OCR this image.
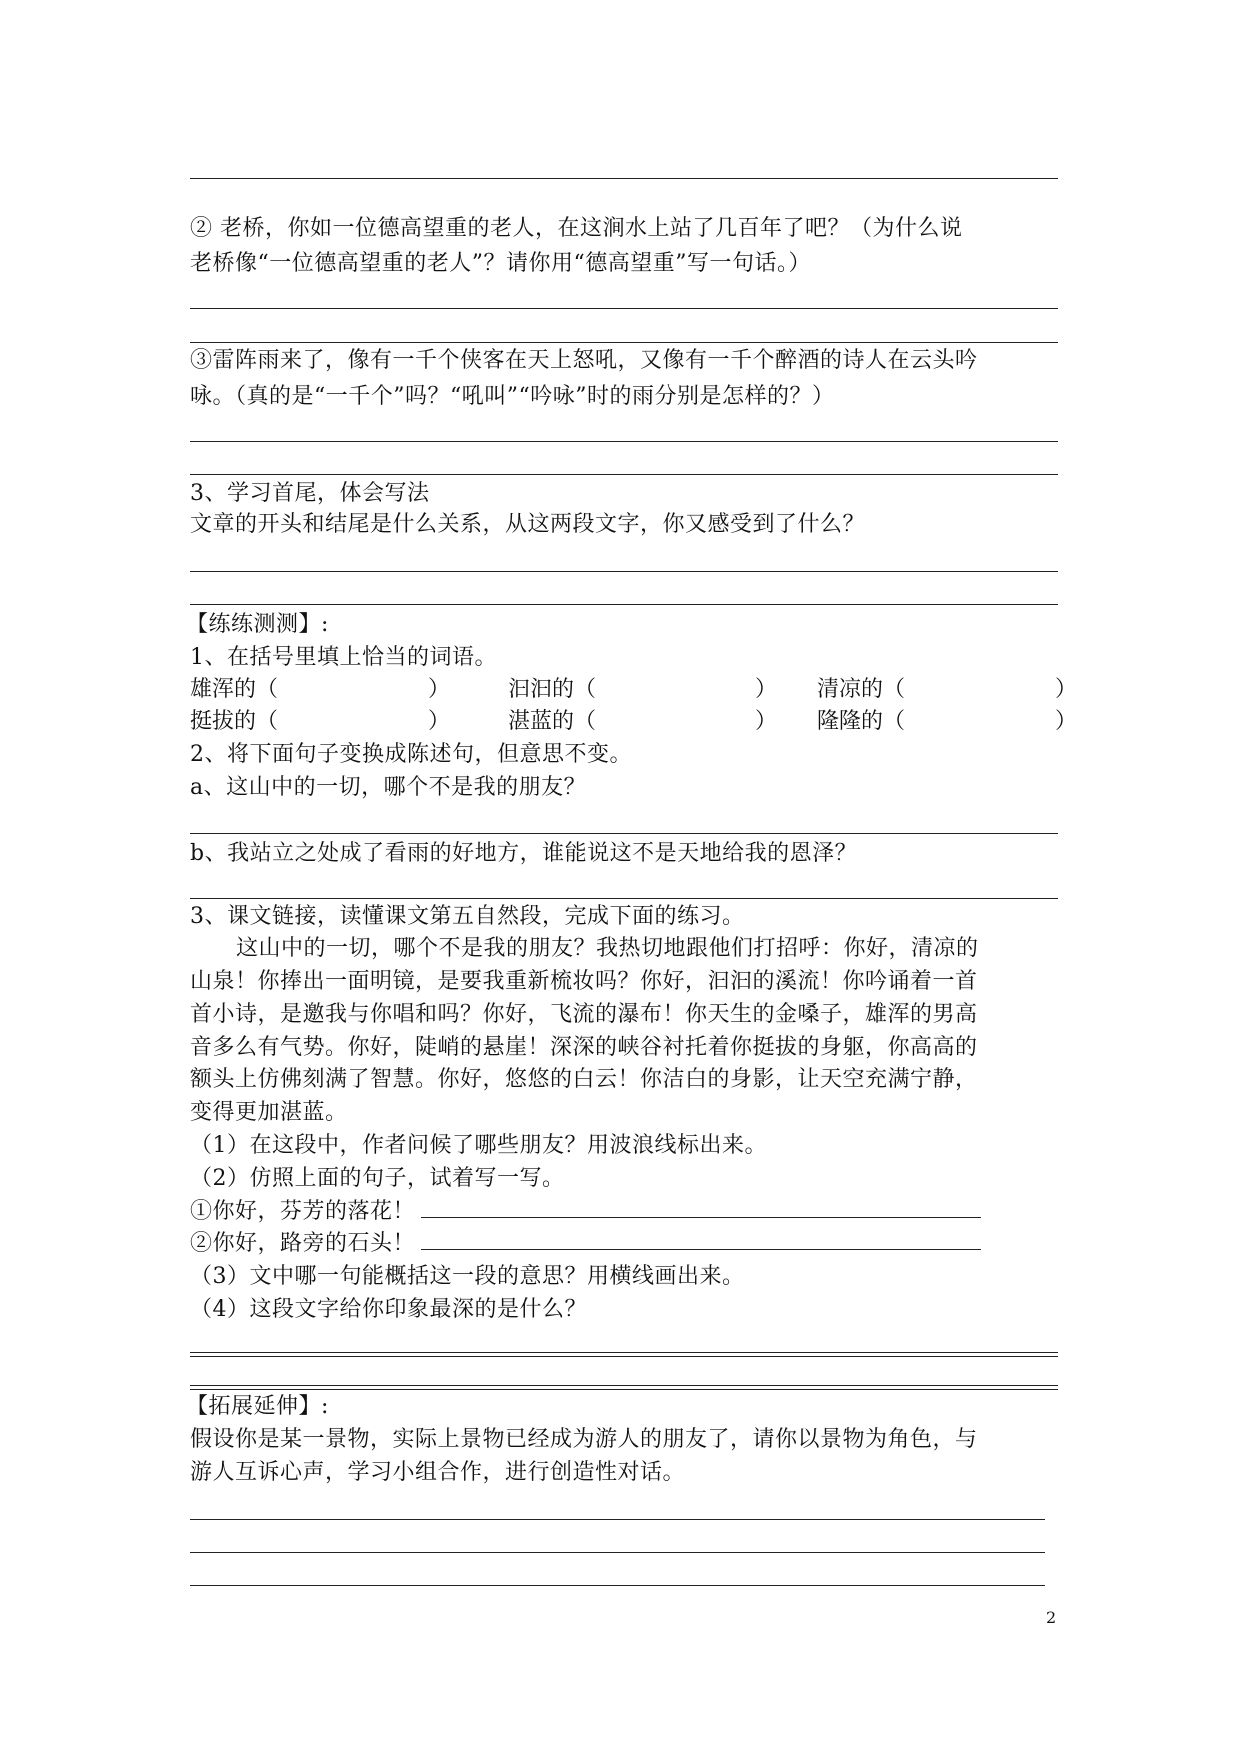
② 老桥，你如一位德高望重的老人，在这涧水上站了几百年了吧？（为什么说
老桥像“一位德高望重的老人”？请你用“德高望重”写一句话。）
③雷阵雨来了，像有一千个侠客在天上怒吼，又像有一千个醉酒的诗人在云头吟
咏。（真的是“一千个”吗？“吼叫”“吟咏”时的雨分别是怎样的？）
3、学习首尾，体会写法
文章的开头和结尾是什么关系，从这两段文字，你又感受到了什么？
【练练测测】:
1、在括号里填上恰当的词语。
雄浑的（	）	汩汩的（	） 清凉的（	）
挺拔的（	）	湛蓝的（	） 隆隆的（	）
2、将下面句子变换成陈述句，但意思不变。
a、这山中的一切，哪个不是我的朋友？
b、我站立之处成了看雨的好地方，谁能说这不是天地给我的恩泽？
3、课文链接，读懂课文第五自然段，完成下面的练习。
这山中的一切，哪个不是我的朋友？我热切地跟他们打招呼：你好，清凉的
山泉！你捧出一面明镜，是要我重新梳妆吗？你好，汩汩的溪流！你吟诵着一首
首小诗，是邀我与你唱和吗？你好，飞流的瀑布！你天生的金嗓子，雄浑的男高
音多么有气势。你好，陡峭的悬崖！深深的峡谷衬托着你挺拔的身躯，你高高的
额头上仿佛刻满了智慧。你好，悠悠的白云！你洁白的身影，让天空充满宁静，
变得更加湛蓝。
（1）在这段中，作者问候了哪些朋友？用波浪线标出来。
（2）仿照上面的句子，试着写一写。
①你好，芬芳的落花！
②你好，路旁的石头！
（3）文中哪一句能概括这一段的意思？用横线画出来。
（4）这段文字给你印象最深的是什么？
【拓展延伸】:
假设你是某一景物，实际上景物已经成为游人的朋友了，请你以景物为角色，与
游人互诉心声，学习小组合作，进行创造性对话。
2
